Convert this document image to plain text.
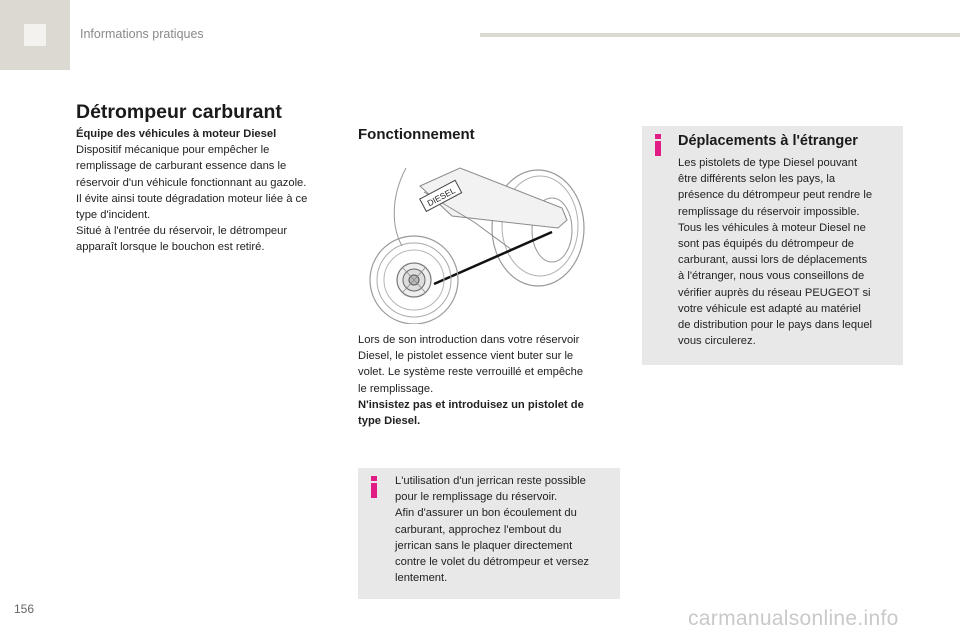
Informations pratiques
Détrompeur carburant
Équipe des véhicules à moteur Diesel
Dispositif mécanique pour empêcher le
remplissage de carburant essence dans le
réservoir d'un véhicule fonctionnant au gazole.
Il évite ainsi toute dégradation moteur liée à ce
type d'incident.
Situé à l'entrée du réservoir, le détrompeur
apparaît lorsque le bouchon est retiré.
Fonctionnement
DIESEL
Lors de son introduction dans votre réservoir
Diesel, le pistolet essence vient buter sur le
volet. Le système reste verrouillé et empêche
le remplissage.
N'insistez pas et introduisez un pistolet de
type Diesel.
L'utilisation d'un jerrican reste possible
pour le remplissage du réservoir.
Afin d'assurer un bon écoulement du
carburant, approchez l'embout du
jerrican sans le plaquer directement
contre le volet du détrompeur et versez
lentement.
Déplacements à l'étranger
Les pistolets de type Diesel pouvant
être différents selon les pays, la
présence du détrompeur peut rendre le
remplissage du réservoir impossible.
Tous les véhicules à moteur Diesel ne
sont pas équipés du détrompeur de
carburant, aussi lors de déplacements
à l'étranger, nous vous conseillons de
vérifier auprès du réseau PEUGEOT si
votre véhicule est adapté au matériel
de distribution pour le pays dans lequel
vous circulerez.
156	carmanualsonline.info
